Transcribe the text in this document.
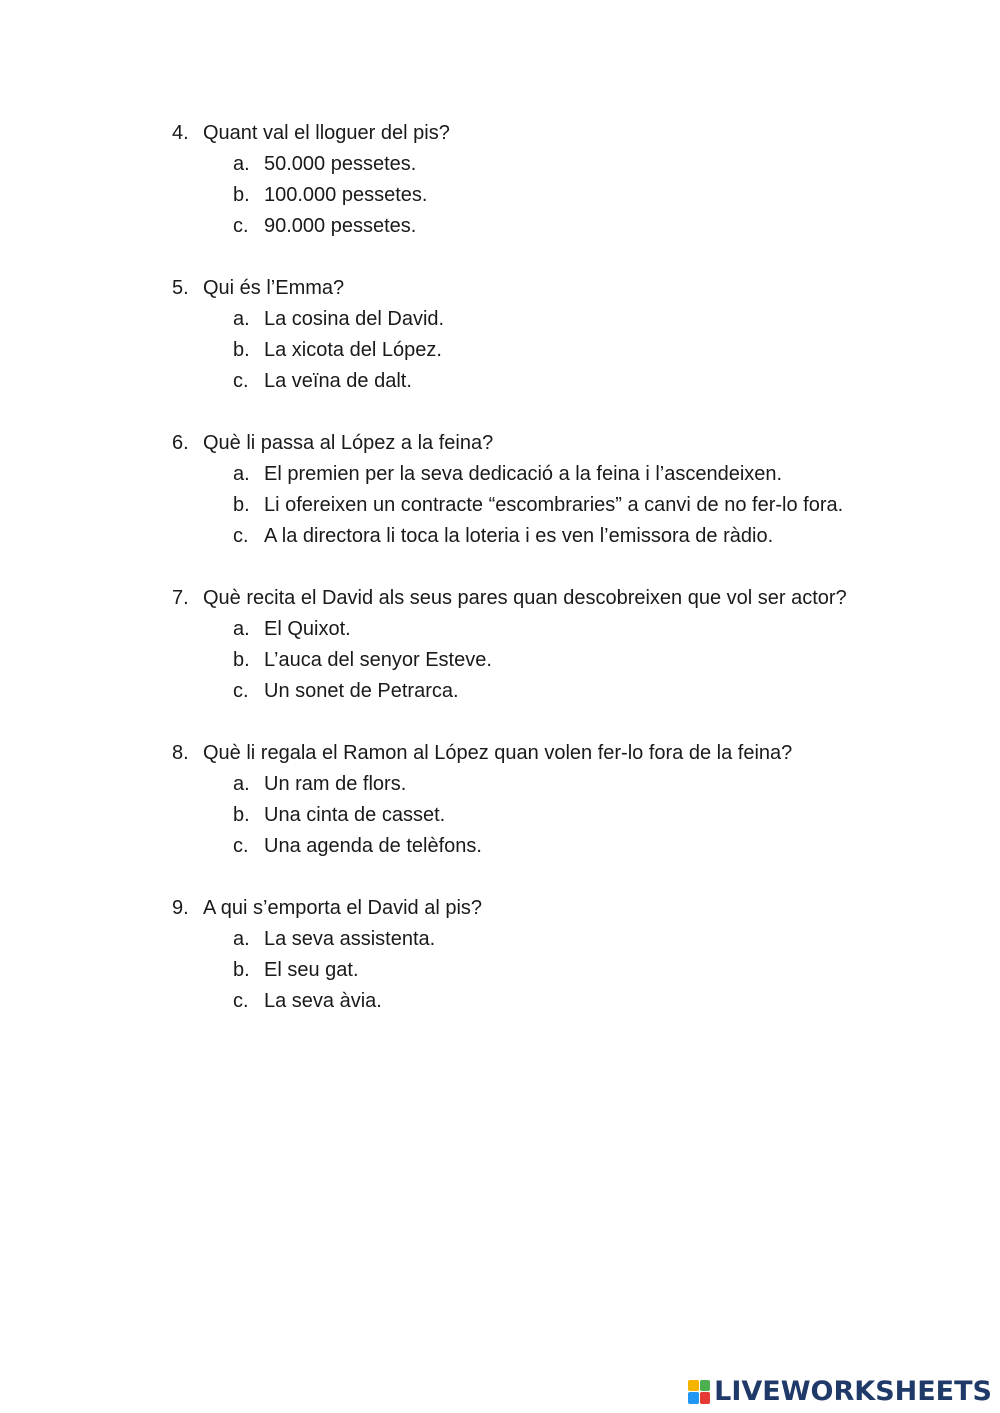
4. Quant val el lloguer del pis?
a. 50.000 pessetes.
b. 100.000 pessetes.
c. 90.000 pessetes.
5. Qui és l’Emma?
a. La cosina del David.
b. La xicota del López.
c. La veïna de dalt.
6. Què li passa al López a la feina?
a. El premien per la seva dedicació a la feina i l’ascendeixen.
b. Li ofereixen un contracte “escombraries” a canvi de no fer-lo fora.
c. A la directora li toca la loteria i es ven l’emissora de ràdio.
7. Què recita el David als seus pares quan descobreixen que vol ser actor?
a. El Quixot.
b. L’auca del senyor Esteve.
c. Un sonet de Petrarca.
8. Què li regala el Ramon al López quan volen fer-lo fora de la feina?
a. Un ram de flors.
b. Una cinta de casset.
c. Una agenda de telèfons.
9. A qui s’emporta el David al pis?
a. La seva assistenta.
b. El seu gat.
c. La seva àvia.
LIVEWORKSHEETS
